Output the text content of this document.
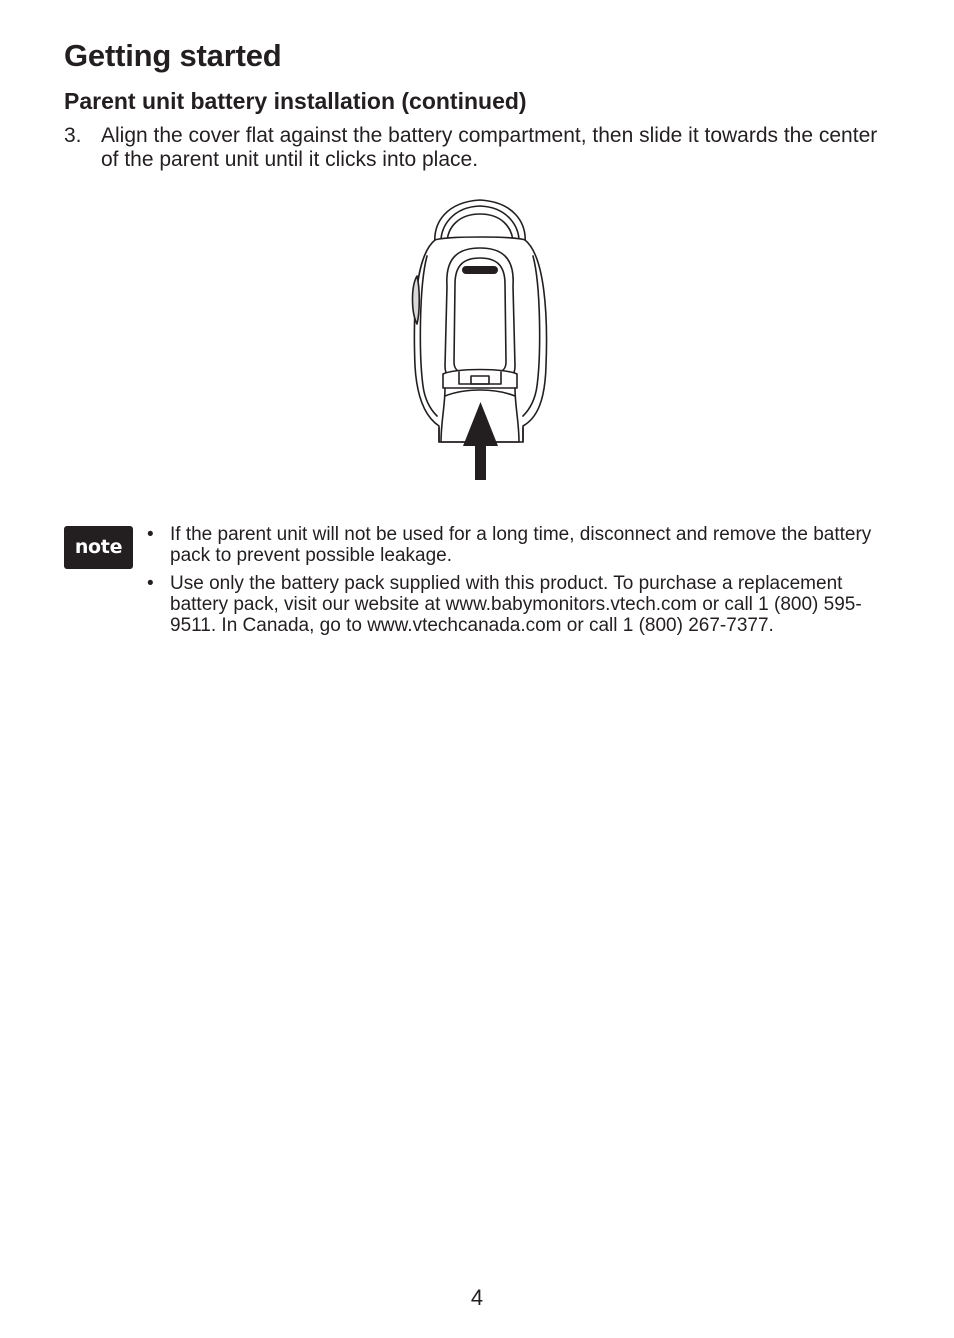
Getting started
Parent unit battery installation (continued)
3. Align the cover flat against the battery compartment, then slide it towards the center of the parent unit until it clicks into place.
note
• If the parent unit will not be used for a long time, disconnect and remove the battery pack to prevent possible leakage.
• Use only the battery pack supplied with this product. To purchase a replacement battery pack, visit our website at www.babymonitors.vtech.com or call 1 (800) 595-9511. In Canada, go to www.vtechcanada.com or call 1 (800) 267-7377.
4
